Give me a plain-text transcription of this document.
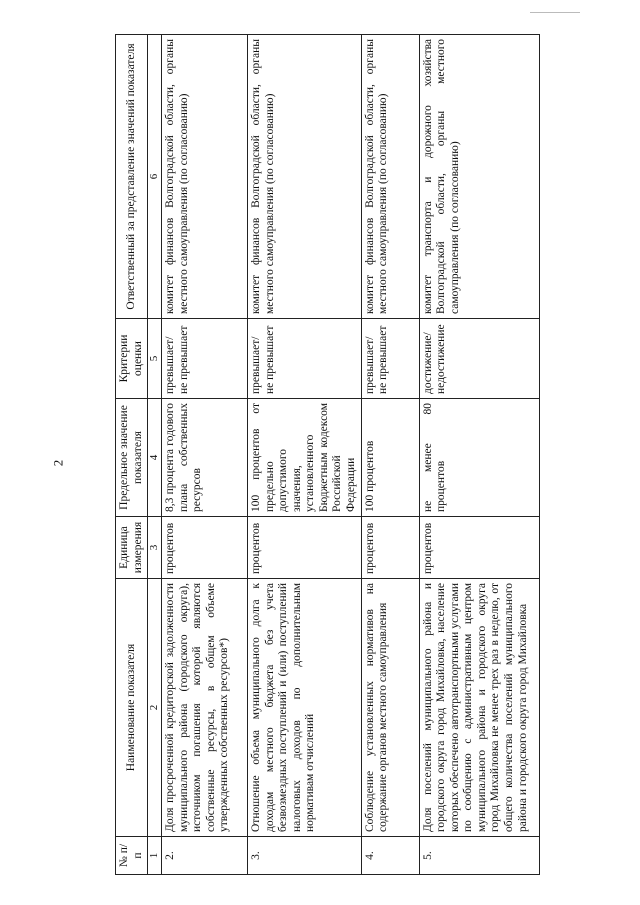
2
№ п/п	Наименование показателя	Единица измерения	Предельное значение показателя	Критерии оценки	Ответственный за представление значений показателя
1	2	3	4	5	6
2.	Доля просроченной кредиторской задолженности муниципального района (городского округа), источником погашения которой являются собственные ресурсы, в общем объеме утвержденных собственных ресурсов*)	процентов	8,3 процента годового плана собственных ресурсов	превышает/ не превышает	комитет финансов Волгоградской области, органы местного самоуправления (по согласованию)
3.	Отношение объема муниципального долга к доходам местного бюджета без учета безвозмездных поступлений и (или) поступлений налоговых доходов по дополнительным нормативам отчислений	процентов	100 процентов от предельно допустимого значения, установленного Бюджетным кодексом Российской Федерации	превышает/ не превышает	комитет финансов Волгоградской области, органы местного самоуправления (по согласованию)
4.	Соблюдение установленных нормативов на содержание органов местного самоуправления	процентов	100 процентов	превышает/ не превышает	комитет финансов Волгоградской области, органы местного самоуправления (по согласованию)
5.	Доля поселений муниципального района и городского округа город Михайловка, население которых обеспечено автотранспортными услугами по сообщению с административным центром муниципального района и городского округа город Михайловка не менее трех раз в неделю, от общего количества поселений муниципального района и городского округа город Михайловка	процентов	не менее 80 процентов	достижение/ недостижение	комитет транспорта и дорожного хозяйства Волгоградской области, органы местного самоуправления (по согласованию)
